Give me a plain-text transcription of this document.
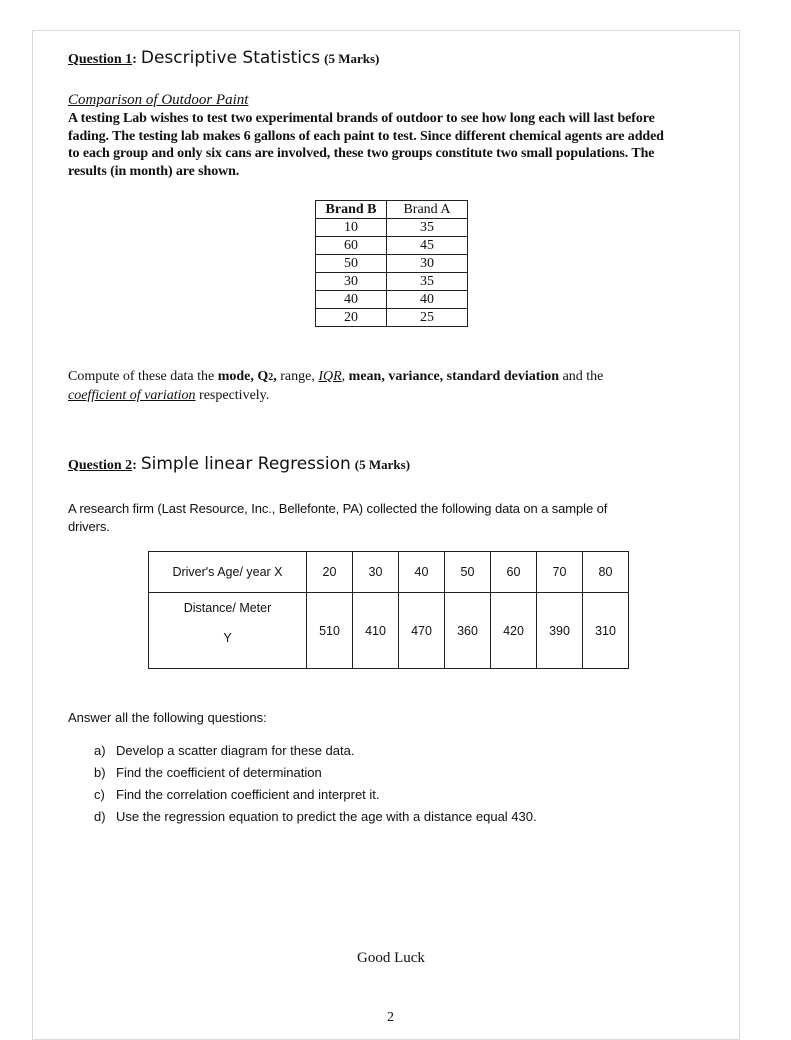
Question 1 :
Descriptive Statistics
(5 Marks)
Comparison of Outdoor Paint
A testing Lab wishes to test two experimental brands of outdoor to see how long each will last before
fading. The testing lab makes 6 gallons of each paint to test. Since different chemical agents are added
to each group and only six cans are involved, these two groups constitute two small populations. The
results (in month) are shown.
Brand B	Brand A
10	35
60	45
50	30
30	35
40	40
20	25
Compute of these data the mode, Q2, range, IQR, mean, variance, standard deviation and the
coefficient of variation respectively.
Question 2 :
Simple linear Regression
(5 Marks)
A research firm (Last Resource, Inc., Bellefonte, PA) collected the following data on a sample of
drivers.
Driver's Age/ year X	20	30	40	50	60	70	80

Distance/ Meter
Y	510	410	470	360	420	390	310
Answer all the following questions:
a) Develop a scatter diagram for these data.
b) Find the coefficient of determination
c) Find the correlation coefficient and interpret it.
d) Use the regression equation to predict the age with a distance equal 430.
Good Luck
2
